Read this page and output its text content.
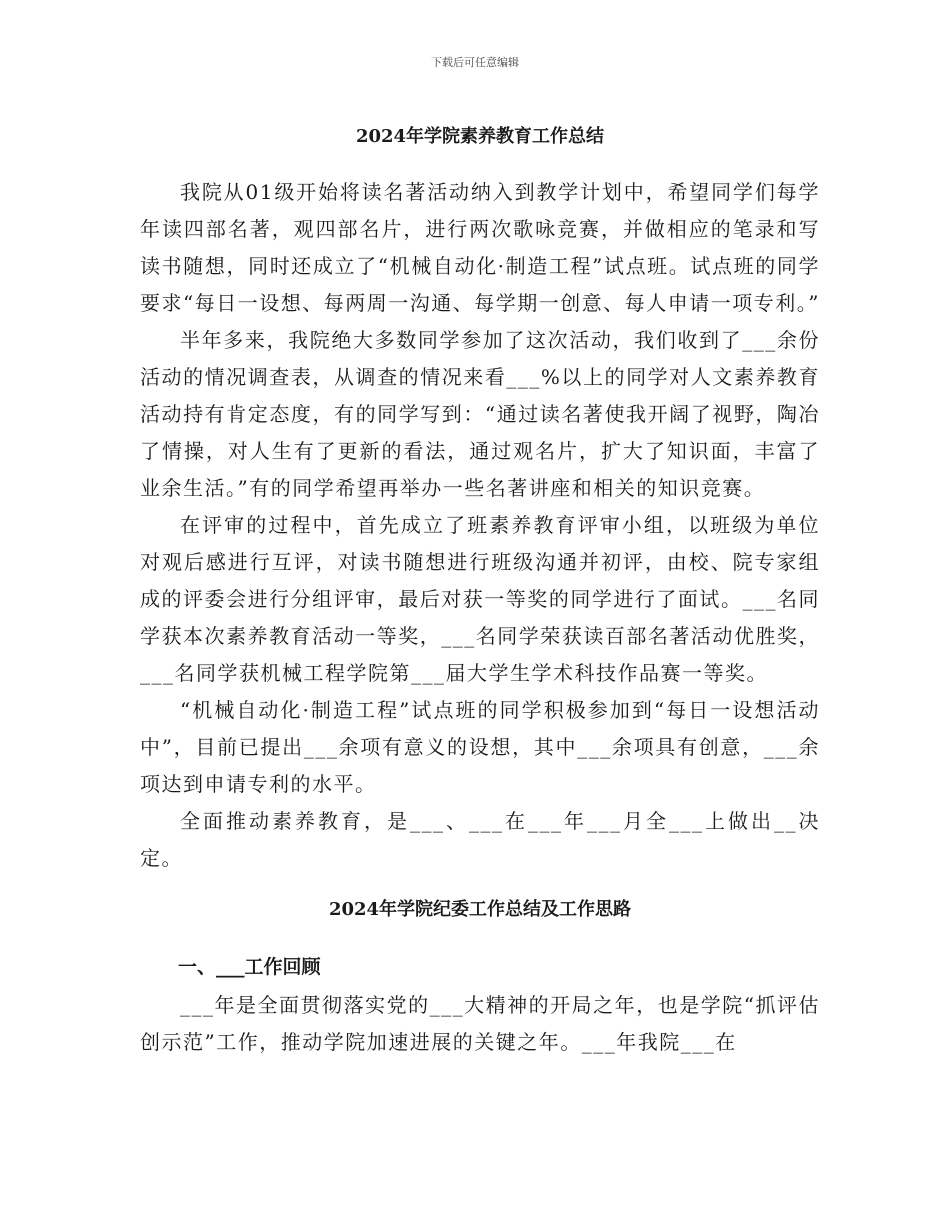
下载后可任意编辑
2024年学院素养教育工作总结

我院从01级开始将读名著活动纳入到教学计划中，希望同学们每学年读四部名著，观四部名片，进行两次歌咏竞赛，并做相应的笔录和写读书随想，同时还成立了“机械自动化·制造工程”试点班。试点班的同学要求“每日一设想、每两周一沟通、每学期一创意、每人申请一项专利。”

半年多来，我院绝大多数同学参加了这次活动，我们收到了___余份活动的情况调查表，从调查的情况来看___%以上的同学对人文素养教育活动持有肯定态度，有的同学写到：“通过读名著使我开阔了视野，陶冶了情操，对人生有了更新的看法，通过观名片，扩大了知识面，丰富了业余生活。”有的同学希望再举办一些名著讲座和相关的知识竞赛。

在评审的过程中，首先成立了班素养教育评审小组，以班级为单位对观后感进行互评，对读书随想进行班级沟通并初评，由校、院专家组成的评委会进行分组评审，最后对获一等奖的同学进行了面试。___名同学获本次素养教育活动一等奖，___名同学荣获读百部名著活动优胜奖，___名同学获机械工程学院第___届大学生学术科技作品赛一等奖。

“机械自动化·制造工程”试点班的同学积极参加到“每日一设想活动中”，目前已提出___余项有意义的设想，其中___余项具有创意，___余项达到申请专利的水平。

全面推动素养教育，是___、___在___年___月全___上做出__决定。

2024年学院纪委工作总结及工作思路
一、___工作回顾

___年是全面贯彻落实党的___大精神的开局之年，也是学院“抓评估创示范”工作，推动学院加速进展的关键之年。___年我院___在
